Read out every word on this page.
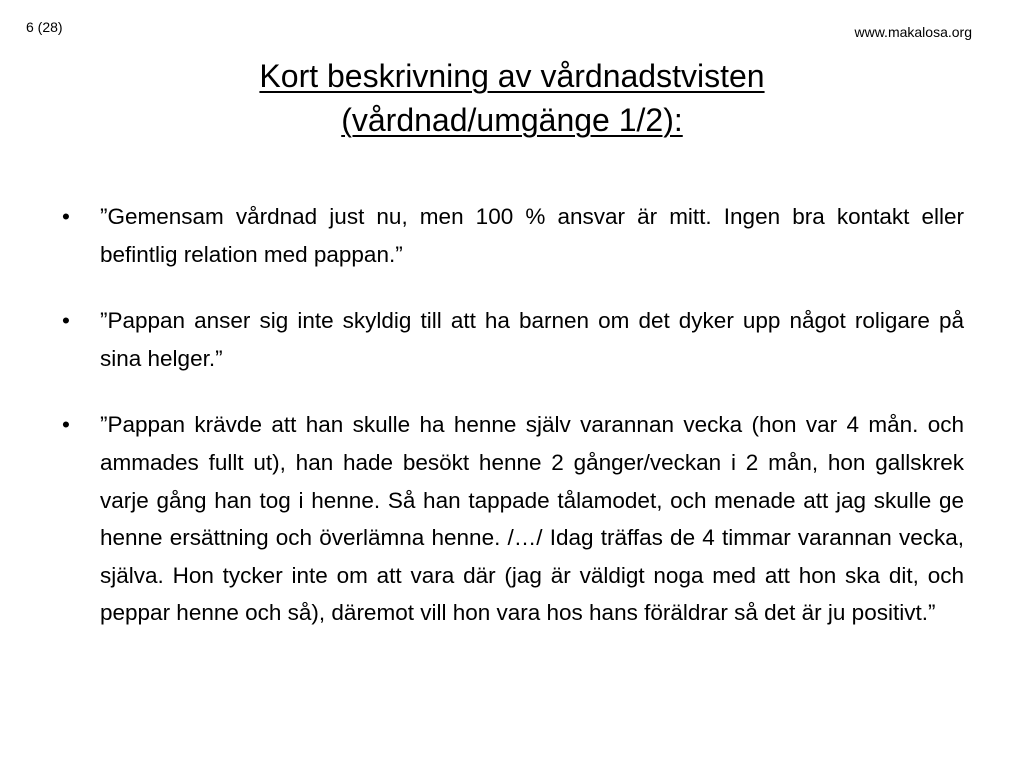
6 (28)	www.makalosa.org
Kort beskrivning av vårdnadstvisten
(vårdnad/umgänge 1/2):
• ”Gemensam vårdnad just nu, men 100 % ansvar är mitt. Ingen bra kontakt eller befintlig relation med pappan.”
• ”Pappan anser sig inte skyldig till att ha barnen om det dyker upp något roligare på sina helger.”
• ”Pappan krävde att han skulle ha henne själv varannan vecka (hon var 4 mån. och ammades fullt ut), han hade besökt henne 2 gånger/veckan i 2 mån, hon gallskrek varje gång han tog i henne. Så han tappade tålamodet, och menade att jag skulle ge henne ersättning och överlämna henne. /…/ Idag träffas de 4 timmar varannan vecka, själva. Hon tycker inte om att vara där (jag är väldigt noga med att hon ska dit, och peppar henne och så), däremot vill hon vara hos hans föräldrar så det är ju positivt.”
